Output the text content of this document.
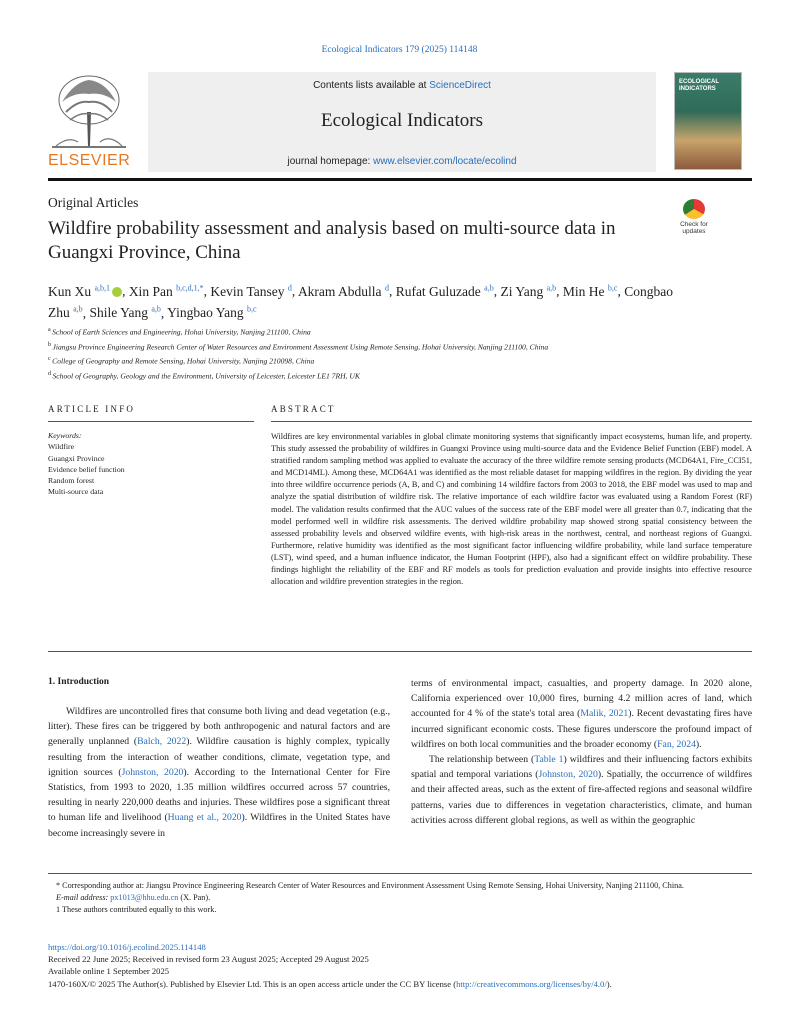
Ecological Indicators 179 (2025) 114148
ELSEVIER
Contents lists available at ScienceDirect
Ecological Indicators
journal homepage: www.elsevier.com/locate/ecolind
ECOLOGICAL INDICATORS
Original Articles
Check for updates
Wildfire probability assessment and analysis based on multi-source data in Guangxi Province, China
Kun Xu $^{a,b,1}$ , Xin Pan $^{b,c,d,1,*}$, Kevin Tansey $^d$, Akram Abdulla $^d$, Rufat Guluzade $^{a,b}$, Zi Yang $^{a,b}$, Min He $^{b,c}$, Congbao Zhu $^{a,b}$, Shile Yang $^{a,b}$, Yingbao Yang $^{b,c}$
$^a$ School of Earth Sciences and Engineering, Hohai University, Nanjing 211100, China
$^b$ Jiangsu Province Engineering Research Center of Water Resources and Environment Assessment Using Remote Sensing, Hohai University, Nanjing 211100, China
$^c$ College of Geography and Remote Sensing, Hohai University, Nanjing 210098, China
$^d$ School of Geography, Geology and the Environment, University of Leicester, Leicester LE1 7RH, UK
ARTICLE INFO	ABSTRACT
Keywords:
Wildfire
Guangxi Province
Evidence belief function
Random forest
Multi-source data
Wildfires are key environmental variables in global climate monitoring systems that significantly impact ecosystems, human life, and property. This study assessed the probability of wildfires in Guangxi Province using multi-source data and the Evidence Belief Function (EBF) model. A stratified random sampling method was applied to evaluate the accuracy of the three wildfire remote sensing products (MCD64A1, Fire_CCI51, and MCD14ML). Among these, MCD64A1 was identified as the most reliable dataset for mapping wildfires in the region. By dividing the year into three wildfire occurrence periods (A, B, and C) and combining 14 wildfire factors from 2003 to 2018, the EBF model was used to map and analyze the spatial distribution of wildfire risk. The relative importance of each wildfire factor was evaluated using a Random Forest (RF) model. The validation results confirmed that the AUC values of the success rate of the EBF model were all greater than 0.7, indicating that the model performed well in wildfire risk assessments. The derived wildfire probability map showed strong spatial consistency between the assessed probability levels and observed wildfire events, with high-risk areas in the northwest, central, and northeast regions of Guangxi. Furthermore, relative humidity was identified as the most significant factor influencing wildfire probability, while land surface temperature (LST), wind speed, and a human influence indicator, the Human Footprint (HPF), also had a significant effect on wildfire probability. These findings highlight the reliability of the EBF and RF models as tools for prediction evaluation and provide insights into effective resource allocation and wildfire prevention strategies in the region.
1. Introduction

Wildfires are uncontrolled fires that consume both living and dead vegetation (e.g., litter). These fires can be triggered by both anthropogenic and natural factors and are generally unplanned (Balch, 2022). Wildfire causation is highly complex, typically resulting from the interaction of weather conditions, climate, vegetation type, and ignition sources (Johnston, 2020). According to the International Center for Fire Statistics, from 1993 to 2020, 1.35 million wildfires occurred across 57 countries, resulting in nearly 220,000 deaths and injuries. These wildfires pose a significant threat to human life and livelihood (Huang et al., 2020). Wildfires in the United States have become increasingly severe in

terms of environmental impact, casualties, and property damage. In 2020 alone, California experienced over 10,000 fires, burning 4.2 million acres of land, which accounted for 4 % of the state's total area (Malik, 2021). Recent devastating fires have incurred significant economic costs. These figures underscore the profound impact of wildfires on both local communities and the broader economy (Fan, 2024).

The relationship between (Table 1) wildfires and their influencing factors exhibits spatial and temporal variations (Johnston, 2020). Spatially, the occurrence of wildfires and their affected areas, such as the extent of fire-affected regions and seasonal wildfire patterns, varies due to differences in vegetation characteristics, climate, and human activities across different global regions, as well as within the geographic

* Corresponding author at: Jiangsu Province Engineering Research Center of Water Resources and Environment Assessment Using Remote Sensing, Hohai University, Nanjing 211100, China.
E-mail address: px1013@hhu.edu.cn (X. Pan).
1 These authors contributed equally to this work.
https://doi.org/10.1016/j.ecolind.2025.114148
Received 22 June 2025; Received in revised form 23 August 2025; Accepted 29 August 2025
Available online 1 September 2025
1470-160X/© 2025 The Author(s). Published by Elsevier Ltd. This is an open access article under the CC BY license (http://creativecommons.org/licenses/by/4.0/).
